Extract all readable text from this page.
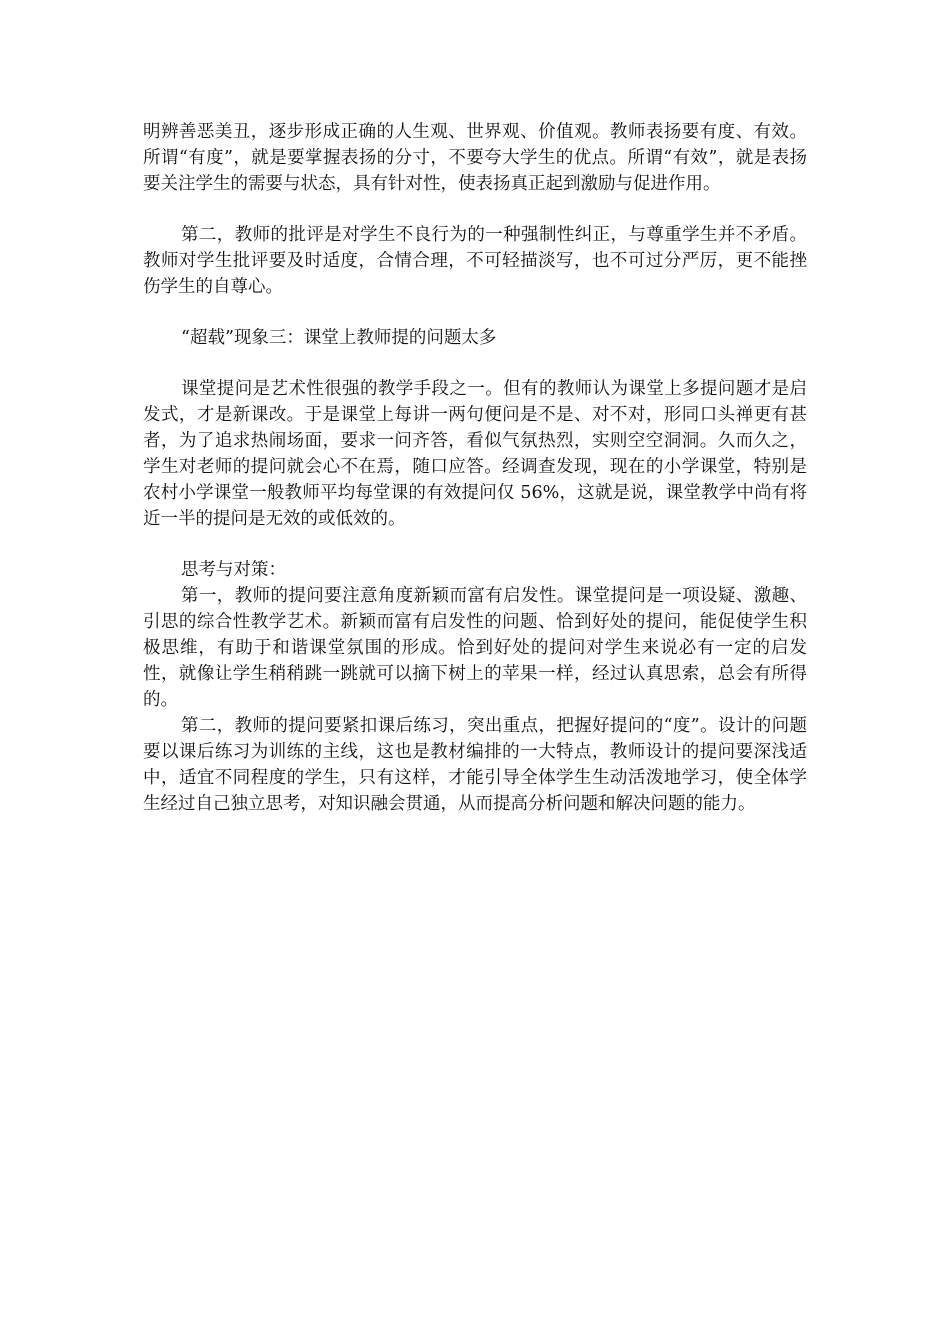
明辨善恶美丑，逐步形成正确的人生观、世界观、价值观。教师表扬要有度、有效。所谓“有度”，就是要掌握表扬的分寸，不要夸大学生的优点。所谓“有效”，就是表扬要关注学生的需要与状态，具有针对性，使表扬真正起到激励与促进作用。

第二，教师的批评是对学生不良行为的一种强制性纠正，与尊重学生并不矛盾。教师对学生批评要及时适度，合情合理，不可轻描淡写，也不可过分严厉，更不能挫伤学生的自尊心。

“超载”现象三：课堂上教师提的问题太多

课堂提问是艺术性很强的教学手段之一。但有的教师认为课堂上多提问题才是启发式，才是新课改。于是课堂上每讲一两句便问是不是、对不对，形同口头禅更有甚者，为了追求热闹场面，要求一问齐答，看似气氛热烈，实则空空洞洞。久而久之，学生对老师的提问就会心不在焉，随口应答。经调查发现，现在的小学课堂，特别是农村小学课堂一般教师平均每堂课的有效提问仅 56%，这就是说，课堂教学中尚有将近一半的提问是无效的或低效的。

思考与对策：

第一，教师的提问要注意角度新颖而富有启发性。课堂提问是一项设疑、激趣、引思的综合性教学艺术。新颖而富有启发性的问题、恰到好处的提问，能促使学生积极思维，有助于和谐课堂氛围的形成。恰到好处的提问对学生来说必有一定的启发性，就像让学生稍稍跳一跳就可以摘下树上的苹果一样，经过认真思索，总会有所得的。

第二，教师的提问要紧扣课后练习，突出重点，把握好提问的“度”。设计的问题要以课后练习为训练的主线，这也是教材编排的一大特点，教师设计的提问要深浅适中，适宜不同程度的学生，只有这样，才能引导全体学生生动活泼地学习，使全体学生经过自己独立思考，对知识融会贯通，从而提高分析问题和解决问题的能力。
